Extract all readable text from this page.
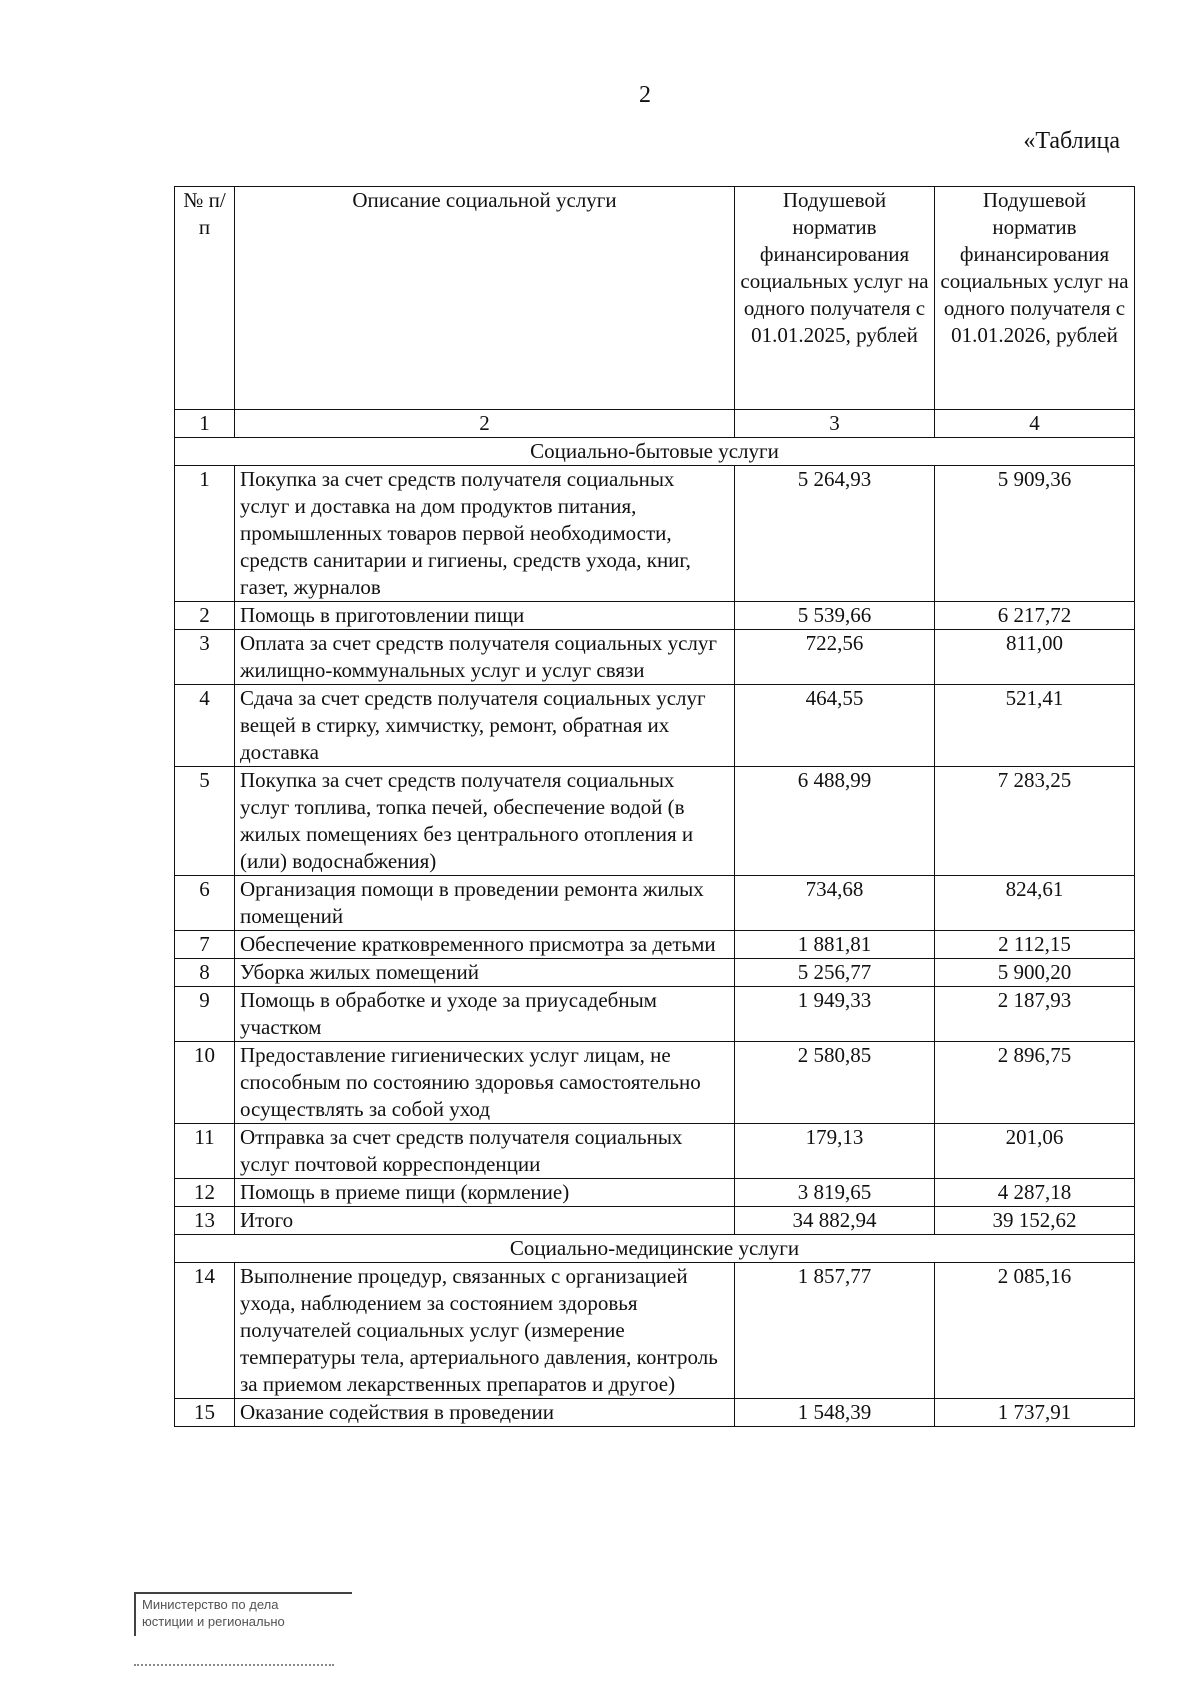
2
«Таблица
№ п/п	Описание социальной услуги	Подушевой норматив финансирования социальных услуг на одного получателя с 01.01.2025, рублей	Подушевой норматив финансирования социальных услуг на одного получателя с 01.01.2026, рублей
1	2	3	4
Социально-бытовые услуги			
1	Покупка за счет средств получателя социальных услуг и доставка на дом продуктов питания, промышленных товаров первой необходимости, средств санитарии и гигиены, средств ухода, книг, газет, журналов	5 264,93	5 909,36
2	Помощь в приготовлении пищи	5 539,66	6 217,72
3	Оплата за счет средств получателя социальных услуг жилищно-коммунальных услуг и услуг связи	722,56	811,00
4	Сдача за счет средств получателя социальных услуг вещей в стирку, химчистку, ремонт, обратная их доставка	464,55	521,41
5	Покупка за счет средств получателя социальных услуг топлива, топка печей, обеспечение водой (в жилых помещениях без центрального отопления и (или) водоснабжения)	6 488,99	7 283,25
6	Организация помощи в проведении ремонта жилых помещений	734,68	824,61
7	Обеспечение кратковременного присмотра за детьми	1 881,81	2 112,15
8	Уборка жилых помещений	5 256,77	5 900,20
9	Помощь в обработке и уходе за приусадебным участком	1 949,33	2 187,93
10	Предоставление гигиенических услуг лицам, не способным по состоянию здоровья самостоятельно осуществлять за собой уход	2 580,85	2 896,75
11	Отправка за счет средств получателя социальных услуг почтовой корреспонденции	179,13	201,06
12	Помощь в приеме пищи (кормление)	3 819,65	4 287,18
13	Итого	34 882,94	39 152,62
Социально-медицинские услуги			
14	Выполнение процедур, связанных с организацией ухода, наблюдением за состоянием здоровья получателей социальных услуг (измерение температуры тела, артериального давления, контроль за приемом лекарственных препаратов и другое)	1 857,77	2 085,16
15	Оказание содействия в проведении	1 548,39	1 737,91
Министерство по дела
юстиции и регионально
